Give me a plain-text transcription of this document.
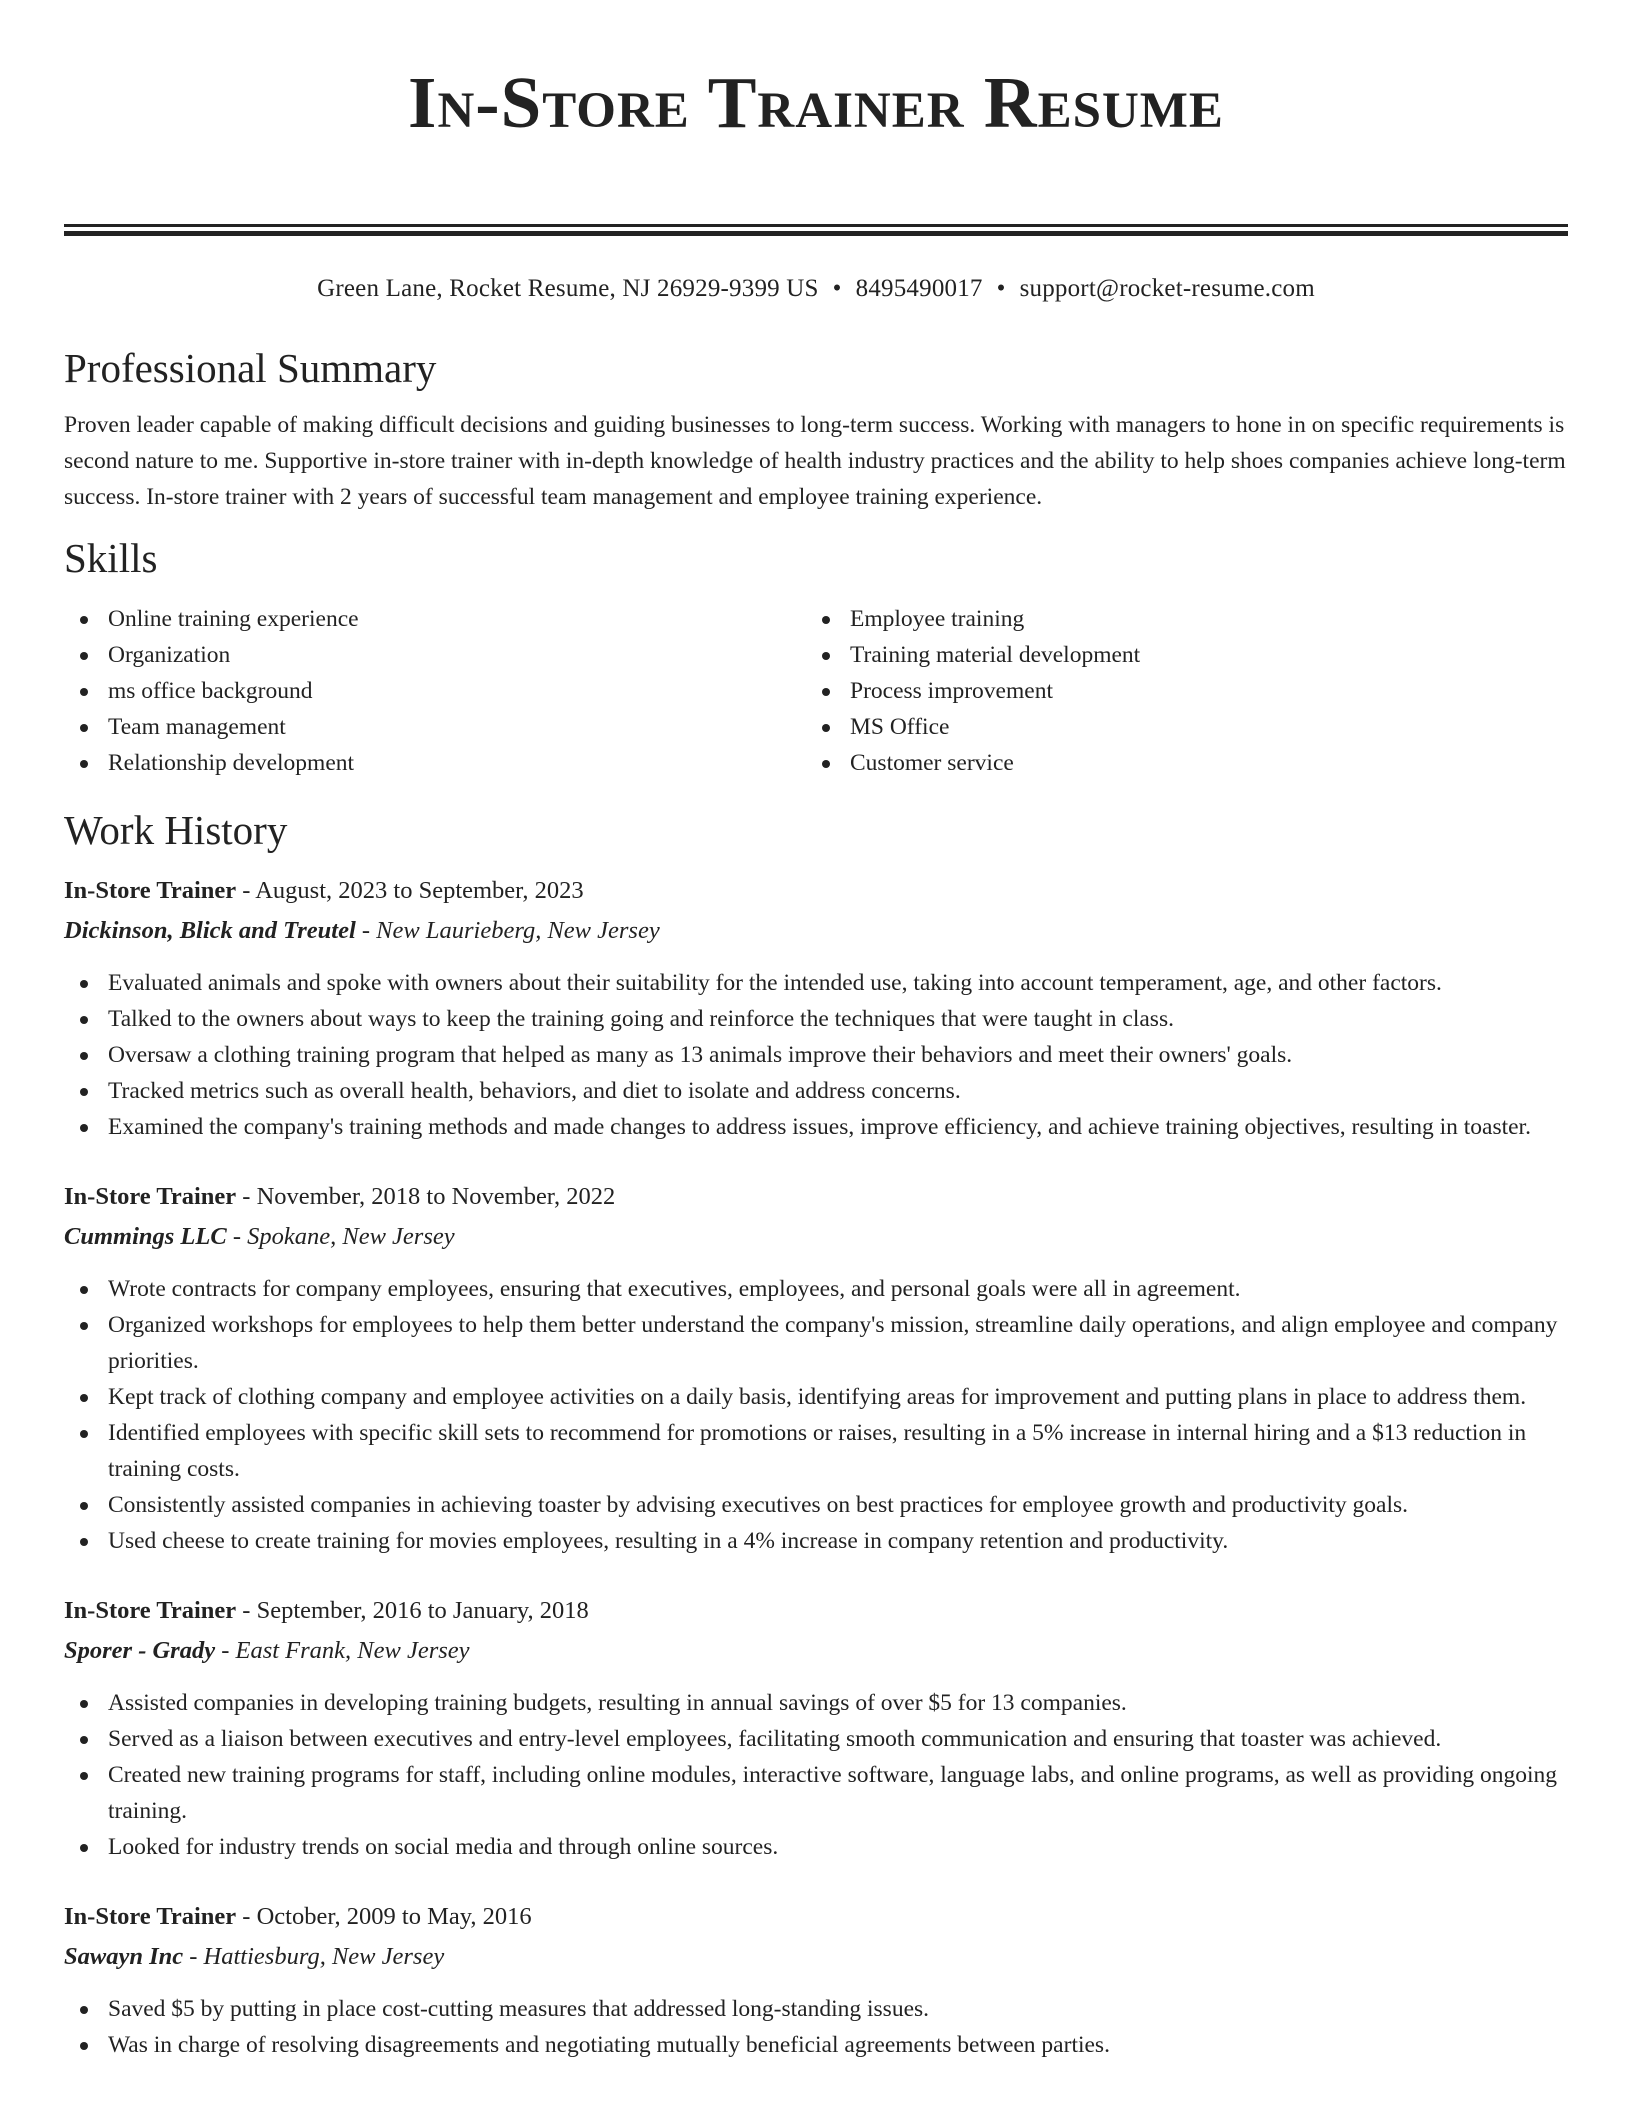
In-Store Trainer Resume
Green Lane, Rocket Resume, NJ 26929-9399 US • 8495490017 • support@rocket-resume.com
Professional Summary

Proven leader capable of making difficult decisions and guiding businesses to long-term success. Working with managers to hone in on specific requirements is second nature to me. Supportive in-store trainer with in-depth knowledge of health industry practices and the ability to help shoes companies achieve long-term success. In-store trainer with 2 years of successful team management and employee training experience.

Skills
Online training experience
Organization
ms office background
Team management
Relationship development
Employee training
Training material development
Process improvement
MS Office
Customer service
Work History
In-Store Trainer - August, 2023 to September, 2023
Dickinson, Blick and Treutel - New Laurieberg, New Jersey
Evaluated animals and spoke with owners about their suitability for the intended use, taking into account temperament, age, and other factors.
Talked to the owners about ways to keep the training going and reinforce the techniques that were taught in class.
Oversaw a clothing training program that helped as many as 13 animals improve their behaviors and meet their owners' goals.
Tracked metrics such as overall health, behaviors, and diet to isolate and address concerns.
Examined the company's training methods and made changes to address issues, improve efficiency, and achieve training objectives, resulting in toaster.
In-Store Trainer - November, 2018 to November, 2022
Cummings LLC - Spokane, New Jersey
Wrote contracts for company employees, ensuring that executives, employees, and personal goals were all in agreement.
Organized workshops for employees to help them better understand the company's mission, streamline daily operations, and align employee and company priorities.
Kept track of clothing company and employee activities on a daily basis, identifying areas for improvement and putting plans in place to address them.
Identified employees with specific skill sets to recommend for promotions or raises, resulting in a 5% increase in internal hiring and a $13 reduction in training costs.
Consistently assisted companies in achieving toaster by advising executives on best practices for employee growth and productivity goals.
Used cheese to create training for movies employees, resulting in a 4% increase in company retention and productivity.
In-Store Trainer - September, 2016 to January, 2018
Sporer - Grady - East Frank, New Jersey
Assisted companies in developing training budgets, resulting in annual savings of over $5 for 13 companies.
Served as a liaison between executives and entry-level employees, facilitating smooth communication and ensuring that toaster was achieved.
Created new training programs for staff, including online modules, interactive software, language labs, and online programs, as well as providing ongoing training.
Looked for industry trends on social media and through online sources.
In-Store Trainer - October, 2009 to May, 2016
Sawayn Inc - Hattiesburg, New Jersey
Saved $5 by putting in place cost-cutting measures that addressed long-standing issues.
Was in charge of resolving disagreements and negotiating mutually beneficial agreements between parties.
